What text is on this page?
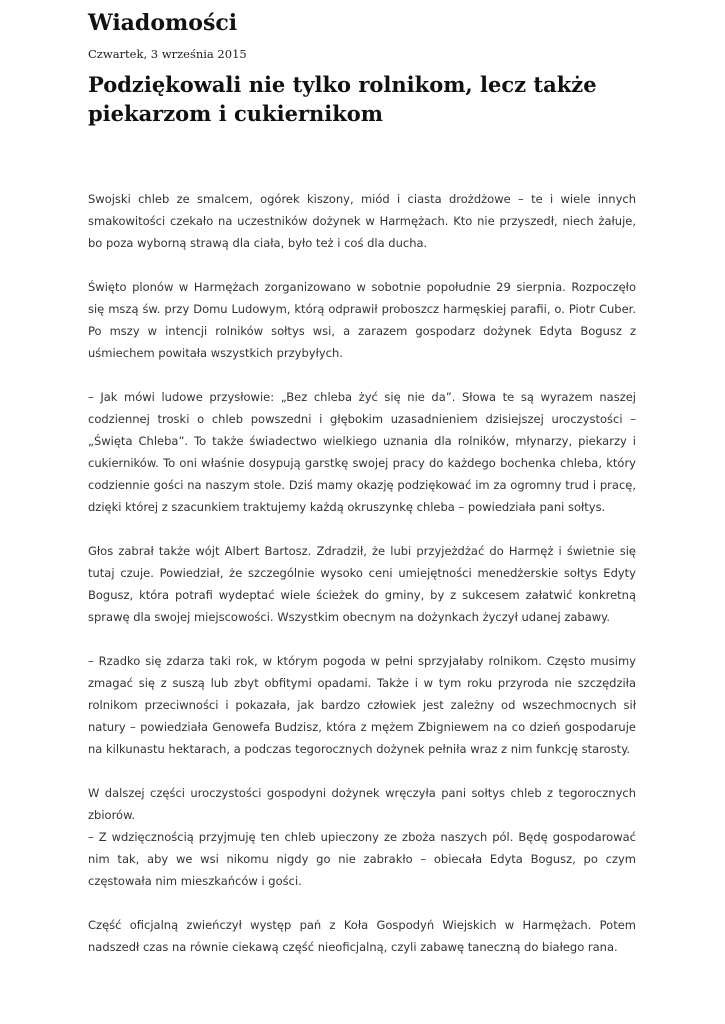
Wiadomości
Czwartek, 3 września 2015
Podziękowali nie tylko rolnikom, lecz także piekarzom i cukiernikom

Swojski chleb ze smalcem, ogórek kiszony, miód i ciasta drożdżowe – te i wiele innych smakowitości czekało na uczestników dożynek w Harmężach. Kto nie przyszedł, niech żałuje, bo poza wyborną strawą dla ciała, było też i coś dla ducha.

Święto plonów w Harmężach zorganizowano w sobotnie popołudnie 29 sierpnia. Rozpoczęło się mszą św. przy Domu Ludowym, którą odprawił proboszcz harmęskiej parafii, o. Piotr Cuber. Po mszy w intencji rolników sołtys wsi, a zarazem gospodarz dożynek Edyta Bogusz z uśmiechem powitała wszystkich przybyłych.

– Jak mówi ludowe przysłowie: „Bez chleba żyć się nie da”. Słowa te są wyrazem naszej codziennej troski o chleb powszedni i głębokim uzasadnieniem dzisiejszej uroczystości – „Święta Chleba”. To także świadectwo wielkiego uznania dla rolników, młynarzy, piekarzy i cukierników. To oni właśnie dosypują garstkę swojej pracy do każdego bochenka chleba, który codziennie gości na naszym stole. Dziś mamy okazję podziękować im za ogromny trud i pracę, dzięki której z szacunkiem traktujemy każdą okruszynkę chleba – powiedziała pani sołtys.

Głos zabrał także wójt Albert Bartosz. Zdradził, że lubi przyjeżdżać do Harmęż i świetnie się tutaj czuje. Powiedział, że szczególnie wysoko ceni umiejętności menedżerskie sołtys Edyty Bogusz, która potrafi wydeptać wiele ścieżek do gminy, by z sukcesem załatwić konkretną sprawę dla swojej miejscowości. Wszystkim obecnym na dożynkach życzył udanej zabawy.

– Rzadko się zdarza taki rok, w którym pogoda w pełni sprzyjałaby rolnikom. Często musimy zmagać się z suszą lub zbyt obfitymi opadami. Także i w tym roku przyroda nie szczędziła rolnikom przeciwności i pokazała, jak bardzo człowiek jest zależny od wszechmocnych sił natury – powiedziała Genowefa Budzisz, która z mężem Zbigniewem na co dzień gospodaruje na kilkunastu hektarach, a podczas tegorocznych dożynek pełniła wraz z nim funkcję starosty.

W dalszej części uroczystości gospodyni dożynek wręczyła pani sołtys chleb z tegorocznych zbiorów.
– Z wdzięcznością przyjmuję ten chleb upieczony ze zboża naszych pól. Będę gospodarować nim tak, aby we wsi nikomu nigdy go nie zabrakło – obiecała Edyta Bogusz, po czym częstowała nim mieszkańców i gości.

Część oficjalną zwieńczył występ pań z Koła Gospodyń Wiejskich w Harmężach. Potem nadszedł czas na równie ciekawą część nieoficjalną, czyli zabawę taneczną do białego rana.
